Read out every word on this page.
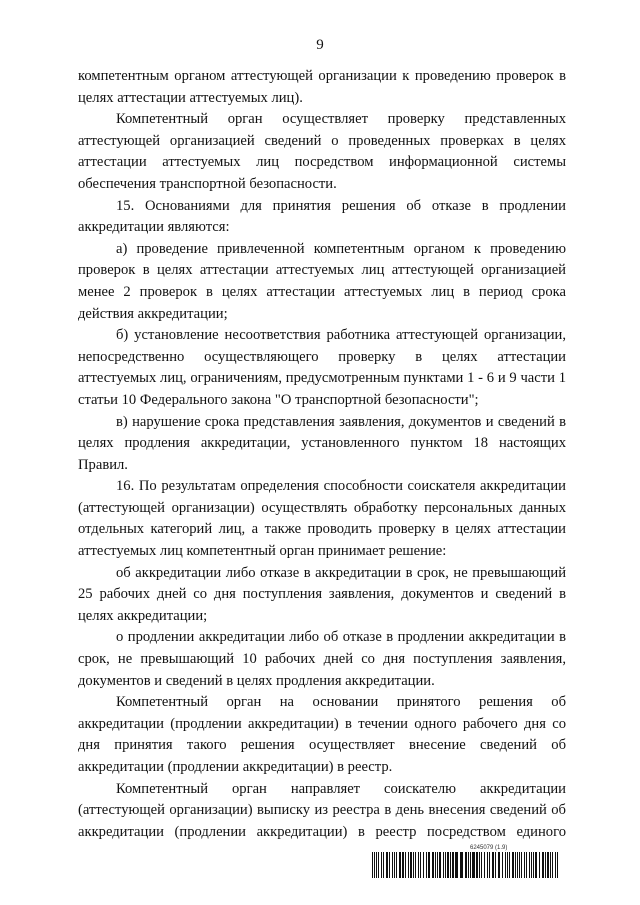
9

компетентным органом аттестующей организации к проведению проверок в целях аттестации аттестуемых лиц).

Компетентный орган осуществляет проверку представленных аттестующей организацией сведений о проведенных проверках в целях аттестации аттестуемых лиц посредством информационной системы обеспечения транспортной безопасности.

15. Основаниями для принятия решения об отказе в продлении аккредитации являются:

а) проведение привлеченной компетентным органом к проведению проверок в целях аттестации аттестуемых лиц аттестующей организацией менее 2 проверок в целях аттестации аттестуемых лиц в период срока действия аккредитации;

б) установление несоответствия работника аттестующей организации, непосредственно осуществляющего проверку в целях аттестации аттестуемых лиц, ограничениям, предусмотренным пунктами 1 - 6 и 9 части 1 статьи 10 Федерального закона "О транспортной безопасности";

в) нарушение срока представления заявления, документов и сведений в целях продления аккредитации, установленного пунктом 18 настоящих Правил.

16. По результатам определения способности соискателя аккредитации (аттестующей организации) осуществлять обработку персональных данных отдельных категорий лиц, а также проводить проверку в целях аттестации аттестуемых лиц компетентный орган принимает решение:

об аккредитации либо отказе в аккредитации в срок, не превышающий 25 рабочих дней со дня поступления заявления, документов и сведений в целях аккредитации;

о продлении аккредитации либо об отказе в продлении аккредитации в срок, не превышающий 10 рабочих дней со дня поступления заявления, документов и сведений в целях продления аккредитации.

Компетентный орган на основании принятого решения об аккредитации (продлении аккредитации) в течении одного рабочего дня со дня принятия такого решения осуществляет внесение сведений об аккредитации (продлении аккредитации) в реестр.

Компетентный орган направляет соискателю аккредитации (аттестующей организации) выписку из реестра в день внесения сведений об аккредитации (продлении аккредитации) в реестр посредством единого

6245079 (1.9)
